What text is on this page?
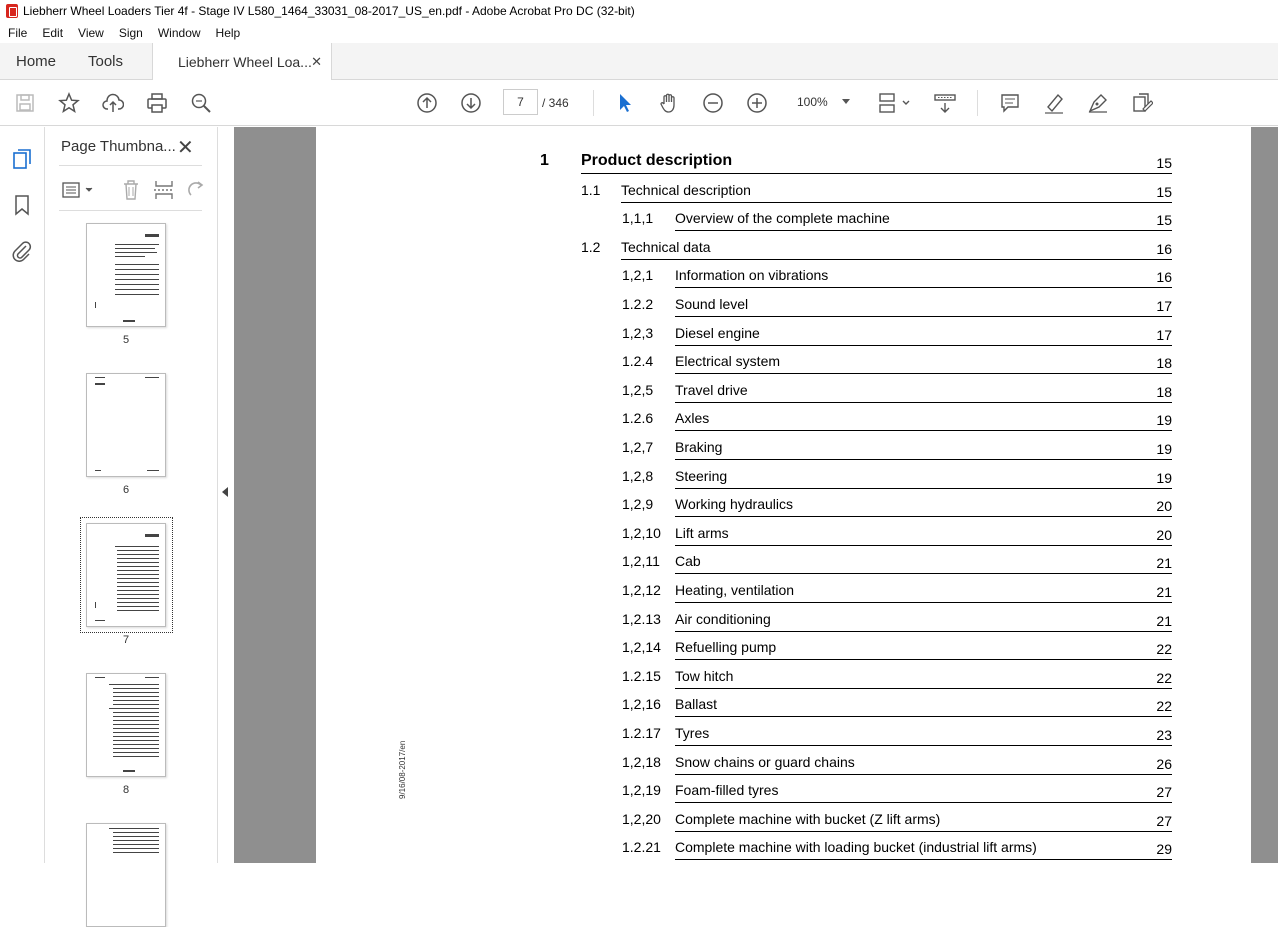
Liebherr Wheel Loaders Tier 4f - Stage IV L580_1464_33031_08-2017_US_en.pdf - Adobe Acrobat Pro DC (32-bit)
File	Edit	View	Sign	Window	Help
Home Tools	Liebherr Wheel Loa... ✕
7	/ 346	100%
Page Thumbna... ✕
5
6
7
8	9/16/08-2017/en
1 Product description	15
1.1 Technical description	15
1,1,1 Overview of the complete machine	15
1.2 Technical data	16
1,2,1 Information on vibrations	16
1.2.2 Sound level	17
1,2,3 Diesel engine	17
1.2.4 Electrical system	18
1,2,5 Travel drive	18
1.2.6 Axles	19
1,2,7 Braking	19
1,2,8 Steering	19
1,2,9 Working hydraulics	20
1,2,10 Lift arms	20
1,2,11 Cab	21
1,2,12 Heating, ventilation	21
1,2.13 Air conditioning	21
1,2,14 Refuelling pump	22
1.2.15 Tow hitch	22
1,2,16 Ballast	22
1.2.17 Tyres	23
1,2,18 Snow chains or guard chains	26
1,2,19 Foam-filled tyres	27
1,2,20 Complete machine with bucket (Z lift arms)	27
1.2.21 Complete machine with loading bucket (industrial lift arms)	29
